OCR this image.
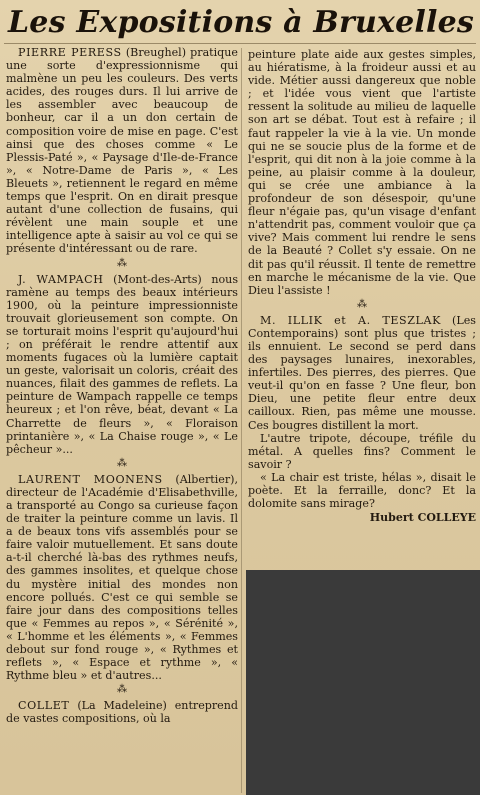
Les Expositions à Bruxelles

PIERRE PERESS (Breughel) pratique une sorte d'expressionnisme qui malmène un peu les couleurs. Des verts acides, des rouges durs. Il lui arrive de les assembler avec beaucoup de bonheur, car il a un don certain de composition voire de mise en page. C'est ainsi que des choses comme « Le Plessis-Paté », « Paysage d'Ile-de-France », « Notre-Dame de Paris », « Les Bleuets », retiennent le regard en même temps que l'esprit. On en dirait presque autant d'une collection de fusains, qui révèlent une main souple et une intelligence apte à saisir au vol ce qui se présente d'intéressant ou de rare.

⁂

J. WAMPACH (Mont-des-Arts) nous ramène au temps des beaux intérieurs 1900, où la peinture impressionniste trouvait glorieusement son compte. On se torturait moins l'esprit qu'aujourd'hui ; on préférait le rendre attentif aux moments fugaces où la lumière captait un geste, valorisait un coloris, créait des nuances, filait des gammes de reflets. La peinture de Wampach rappelle ce temps heureux ; et l'on rêve, béat, devant « La Charrette de fleurs », « Floraison printanière », « La Chaise rouge », « Le pêcheur »...

⁂

LAURENT MOONENS (Albertier), directeur de l'Académie d'Elisabethville, a transporté au Congo sa curieuse façon de traiter la peinture comme un lavis. Il a de beaux tons vifs assemblés pour se faire valoir mutuellement. Et sans doute a-t-il cherché là-bas des rythmes neufs, des gammes insolites, et quelque chose du mystère initial des mondes non encore pollués. C'est ce qui semble se faire jour dans des compositions telles que « Femmes au repos », « Sérénité », « L'homme et les éléments », « Femmes debout sur fond rouge », « Rythmes et reflets », « Espace et rythme », « Rythme bleu » et d'autres...

⁂

COLLET (La Madeleine) entreprend de vastes compositions, où la

peinture plate aide aux gestes simples, au hiératisme, à la froideur aussi et au vide. Métier aussi dangereux que noble ; et l'idée vous vient que l'artiste ressent la solitude au milieu de laquelle son art se débat. Tout est à refaire ; il faut rappeler la vie à la vie. Un monde qui ne se soucie plus de la forme et de l'esprit, qui dit non à la joie comme à la peine, au plaisir comme à la douleur, qui se crée une ambiance à la profondeur de son désespoir, qu'une fleur n'égaie pas, qu'un visage d'enfant n'attendrit pas, comment vouloir que ça vive? Mais comment lui rendre le sens de la Beauté ? Collet s'y essaie. On ne dit pas qu'il réussit. Il tente de remettre en marche le mécanisme de la vie. Que Dieu l'assiste !

⁂

M. ILLIK et A. TESZLAK (Les Contemporains) sont plus que tristes ; ils ennuient. Le second se perd dans des paysages lunaires, inexorables, infertiles. Des pierres, des pierres. Que veut-il qu'on en fasse ? Une fleur, bon Dieu, une petite fleur entre deux cailloux. Rien, pas même une mousse. Ces bougres distillent la mort.

L'autre tripote, découpe, tréfile du métal. A quelles fins? Comment le savoir ?

« La chair est triste, hélas », disait le poète. Et la ferraille, donc? Et la dolomite sans mirage?

Hubert COLLEYE
